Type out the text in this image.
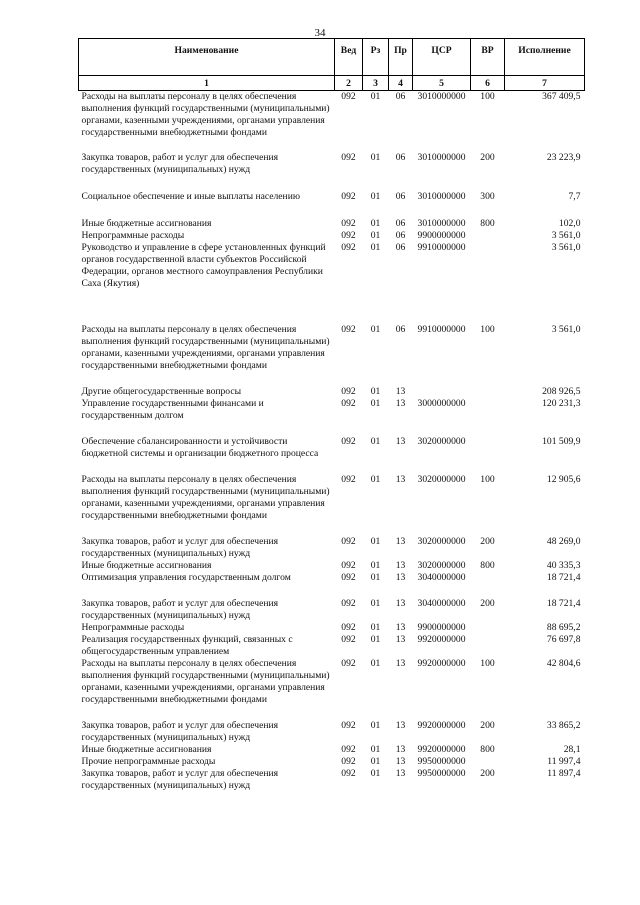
34
Наименование	Вед	Рз	Пр	ЦСР	ВР	Исполнение
1	2	3	4	5	6	7
Расходы на выплаты персоналу в целях обеспечения выполнения функций государственными (муниципальными) органами, казенными учреждениями, органами управления государственными внебюджетными фондами	092	01	06	3010000000	100	367 409,5
Закупка товаров, работ и услуг для обеспечения государственных (муниципальных) нужд	092	01	06	3010000000	200	23 223,9
Социальное обеспечение и иные выплаты населению	092	01	06	3010000000	300	7,7
Иные бюджетные ассигнования	092	01	06	3010000000	800	102,0
Непрограммные расходы	092	01	06	9900000000		3 561,0
Руководство и управление в сфере установленных функций органов государственной власти субъектов Российской Федерации, органов местного самоуправления Республики Саха (Якутия)	092	01	06	9910000000		3 561,0
Расходы на выплаты персоналу в целях обеспечения выполнения функций государственными (муниципальными) органами, казенными учреждениями, органами управления государственными внебюджетными фондами	092	01	06	9910000000	100	3 561,0
Другие общегосударственные вопросы	092	01	13			208 926,5
Управление государственными финансами и государственным долгом	092	01	13	3000000000		120 231,3
Обеспечение сбалансированности и устойчивости бюджетной системы и организации бюджетного процесса	092	01	13	3020000000		101 509,9
Расходы на выплаты персоналу в целях обеспечения выполнения функций государственными (муниципальными) органами, казенными учреждениями, органами управления государственными внебюджетными фондами	092	01	13	3020000000	100	12 905,6
Закупка товаров, работ и услуг для обеспечения государственных (муниципальных) нужд	092	01	13	3020000000	200	48 269,0
Иные бюджетные ассигнования	092	01	13	3020000000	800	40 335,3
Оптимизация управления государственным долгом	092	01	13	3040000000		18 721,4
Закупка товаров, работ и услуг для обеспечения государственных (муниципальных) нужд	092	01	13	3040000000	200	18 721,4
Непрограммные расходы	092	01	13	9900000000		88 695,2
Реализация государственных функций, связанных с общегосударственным управлением	092	01	13	9920000000		76 697,8
Расходы на выплаты персоналу в целях обеспечения выполнения функций государственными (муниципальными) органами, казенными учреждениями, органами управления государственными внебюджетными фондами	092	01	13	9920000000	100	42 804,6
Закупка товаров, работ и услуг для обеспечения государственных (муниципальных) нужд	092	01	13	9920000000	200	33 865,2
Иные бюджетные ассигнования	092	01	13	9920000000	800	28,1
Прочие непрограммные расходы	092	01	13	9950000000		11 997,4
Закупка товаров, работ и услуг для обеспечения государственных (муниципальных) нужд	092	01	13	9950000000	200	11 897,4
